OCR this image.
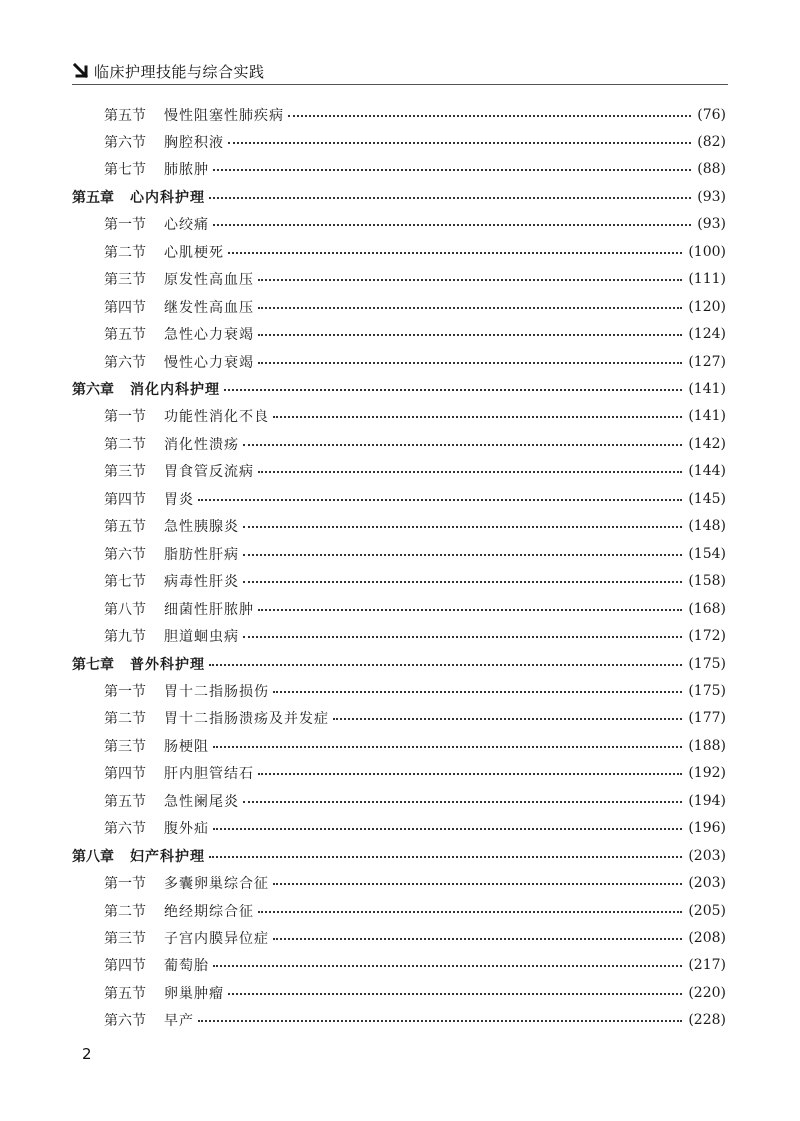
临床护理技能与综合实践
第五节 慢性阻塞性肺疾病	(76)
第六节 胸腔积液	(82)
第七节 肺脓肿	(88)
第五章 心内科护理	(93)
第一节 心绞痛	(93)
第二节 心肌梗死	(100)
第三节 原发性高血压	(111)
第四节 继发性高血压	(120)
第五节 急性心力衰竭	(124)
第六节 慢性心力衰竭	(127)
第六章 消化内科护理	(141)
第一节 功能性消化不良	(141)
第二节 消化性溃疡	(142)
第三节 胃食管反流病	(144)
第四节 胃炎	(145)
第五节 急性胰腺炎	(148)
第六节 脂肪性肝病	(154)
第七节 病毒性肝炎	(158)
第八节 细菌性肝脓肿	(168)
第九节 胆道蛔虫病	(172)
第七章 普外科护理	(175)
第一节 胃十二指肠损伤	(175)
第二节 胃十二指肠溃疡及并发症	(177)
第三节 肠梗阻	(188)
第四节 肝内胆管结石	(192)
第五节 急性阑尾炎	(194)
第六节 腹外疝	(196)
第八章 妇产科护理	(203)
第一节 多囊卵巢综合征	(203)
第二节 绝经期综合征	(205)
第三节 子宫内膜异位症	(208)
第四节 葡萄胎	(217)
第五节 卵巢肿瘤	(220)
第六节 早产	(228)
2
